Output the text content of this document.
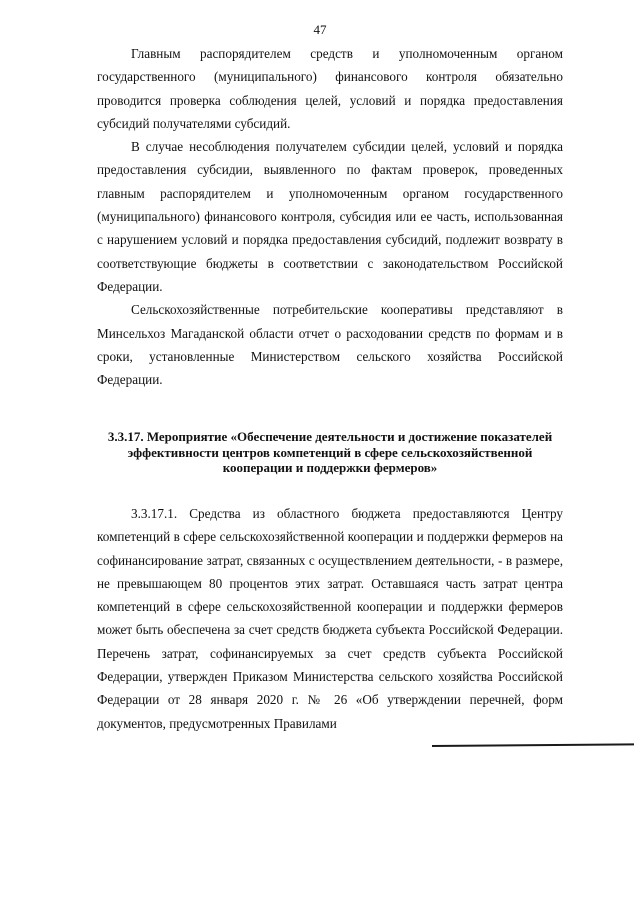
47

Главным распорядителем средств и уполномоченным органом государственного (муниципального) финансового контроля обязательно проводится проверка соблюдения целей, условий и порядка предоставления субсидий получателями субсидий.

В случае несоблюдения получателем субсидии целей, условий и порядка предоставления субсидии, выявленного по фактам проверок, проведенных главным распорядителем и уполномоченным органом государственного (муниципального) финансового контроля, субсидия или ее часть, использованная с нарушением условий и порядка предоставления субсидий, подлежит возврату в соответствующие бюджеты в соответствии с законодательством Российской Федерации.

Сельскохозяйственные потребительские кооперативы представляют в Минсельхоз Магаданской области отчет о расходовании средств по формам и в сроки, установленные Министерством сельского хозяйства Российской Федерации.

3.3.17. Мероприятие «Обеспечение деятельности и достижение показателей эффективности центров компетенций в сфере сельскохозяйственной кооперации и поддержки фермеров»

3.3.17.1. Средства из областного бюджета предоставляются Центру компетенций в сфере сельскохозяйственной кооперации и поддержки фермеров на софинансирование затрат, связанных с осуществлением деятельности, - в размере, не превышающем 80 процентов этих затрат. Оставшаяся часть затрат центра компетенций в сфере сельскохозяйственной кооперации и поддержки фермеров может быть обеспечена за счет средств бюджета субъекта Российской Федерации. Перечень затрат, софинансируемых за счет средств субъекта Российской Федерации, утвержден Приказом Министерства сельского хозяйства Российской Федерации от 28 января 2020 г. № 26 «Об утверждении перечней, форм документов, предусмотренных Правилами
